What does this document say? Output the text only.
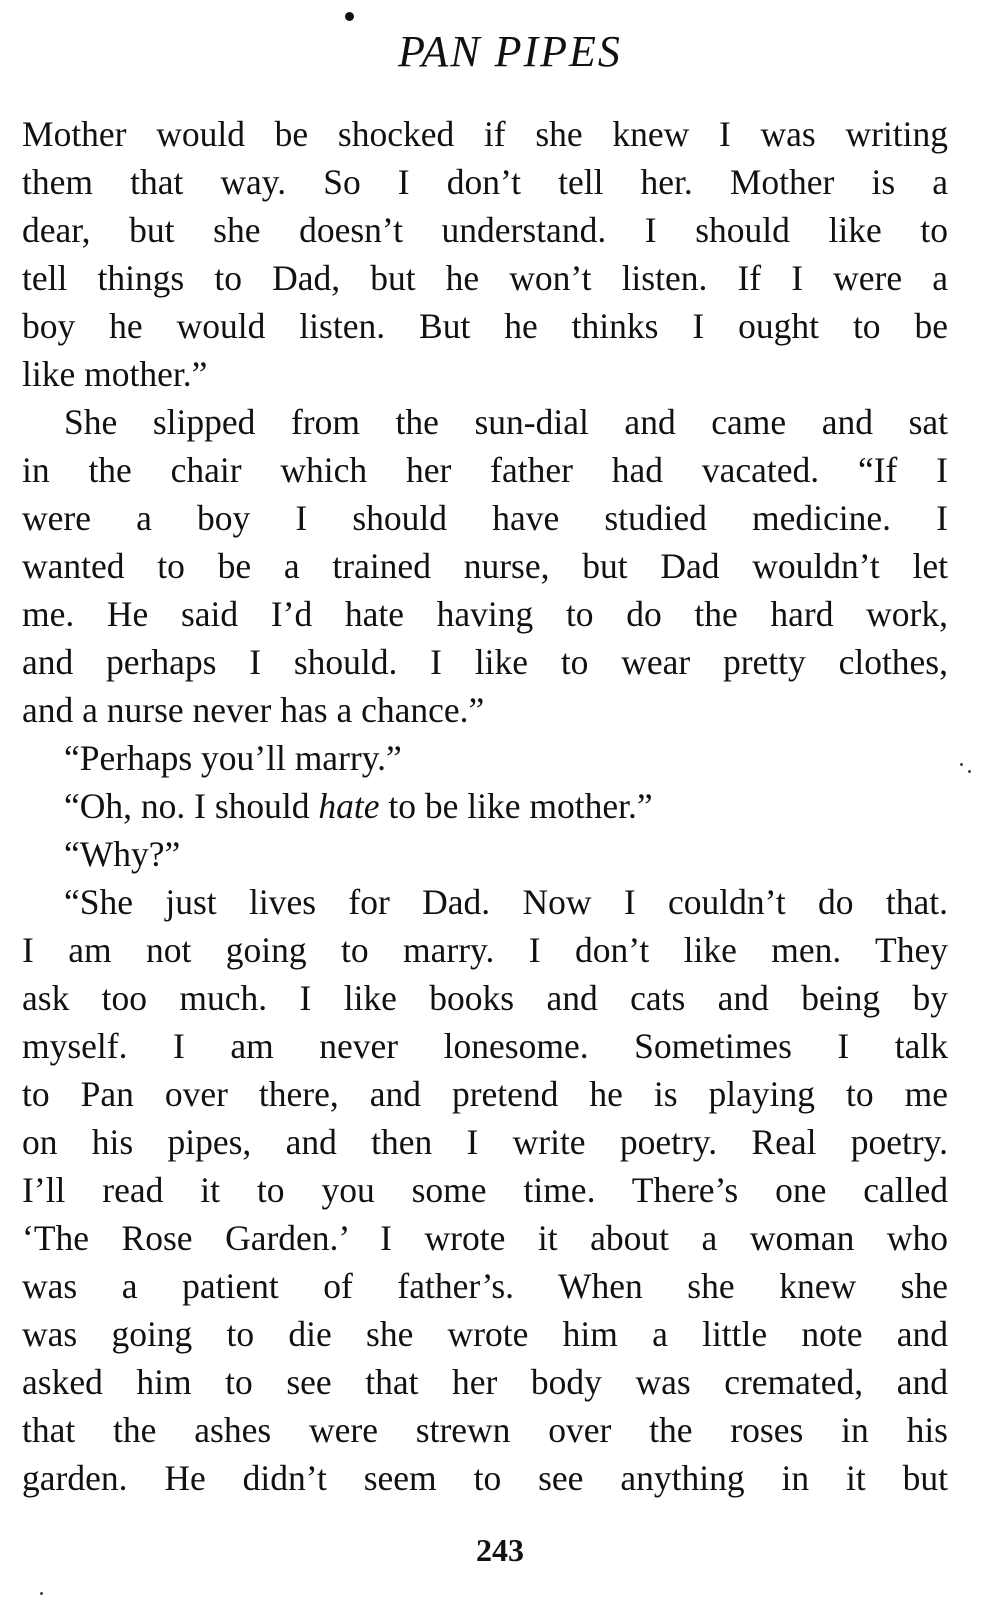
PAN PIPES
Mother would be shocked if she knew I was writing
them that way. So I don’t tell her. Mother is a
dear, but she doesn’t understand. I should like to
tell things to Dad, but he won’t listen. If I were a
boy he would listen. But he thinks I ought to be
like mother.”
She slipped from the sun-dial and came and sat
in the chair which her father had vacated. “If I
were a boy I should have studied medicine. I
wanted to be a trained nurse, but Dad wouldn’t let
me. He said I’d hate having to do the hard work,
and perhaps I should. I like to wear pretty clothes,
and a nurse never has a chance.”
“Perhaps you’ll marry.”
“Oh, no. I should hate to be like mother.”
“Why?”
“She just lives for Dad. Now I couldn’t do that.
I am not going to marry. I don’t like men. They
ask too much. I like books and cats and being by
myself. I am never lonesome. Sometimes I talk
to Pan over there, and pretend he is playing to me
on his pipes, and then I write poetry. Real poetry.
I’ll read it to you some time. There’s one called
‘The Rose Garden.’ I wrote it about a woman who
was a patient of father’s. When she knew she
was going to die she wrote him a little note and
asked him to see that her body was cremated, and
that the ashes were strewn over the roses in his
garden. He didn’t seem to see anything in it but
243
